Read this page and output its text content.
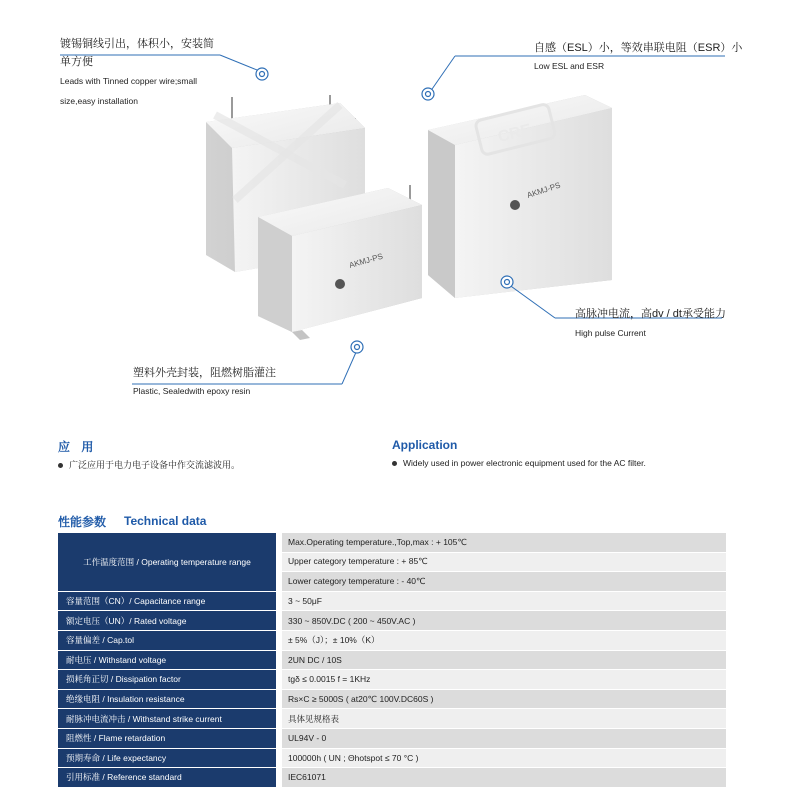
CRE
AKMJ-PS
AKMJ-PS
镀锡铜线引出，体积小，安装简
单方便
Leads with Tinned copper wire;small
size,easy installation
自感（ESL）小，等效串联电阻（ESR）小
Low ESL and ESR
高脉冲电流，高dv / dt承受能力
High pulse Current
塑料外壳封装，阻燃树脂灌注
Plastic, Sealedwith epoxy resin
应 用
广泛应用于电力电子设备中作交流滤波用。
Application
Widely used in power electronic equipment used for the AC filter.
性能参数 Technical data
工作温度范围 / Operating temperature range	Max.Operating temperature.,Top,max : + 105℃
	Upper category temperature : + 85℃
	Lower category temperature : - 40℃
容量范围（CN）/ Capacitance range	3 ~ 50μF
额定电压（UN）/ Rated voltage	330 ~ 850V.DC ( 200 ~ 450V.AC )
容量偏差 / Cap.tol	± 5%（J）；± 10%（K）
耐电压 / Withstand voltage	2UN DC / 10S
损耗角正切 / Dissipation factor	tgδ ≤ 0.0015 f = 1KHz
绝缘电阻 / Insulation resistance	Rs×C ≥ 5000S ( at20℃ 100V.DC60S )
耐脉冲电流冲击 / Withstand strike current	具体见规格表
阻燃性 / Flame retardation	UL94V - 0
预期寿命 / Life expectancy	100000h ( UN ; Θhotspot ≤ 70 °C )
引用标准 / Reference standard	IEC61071
